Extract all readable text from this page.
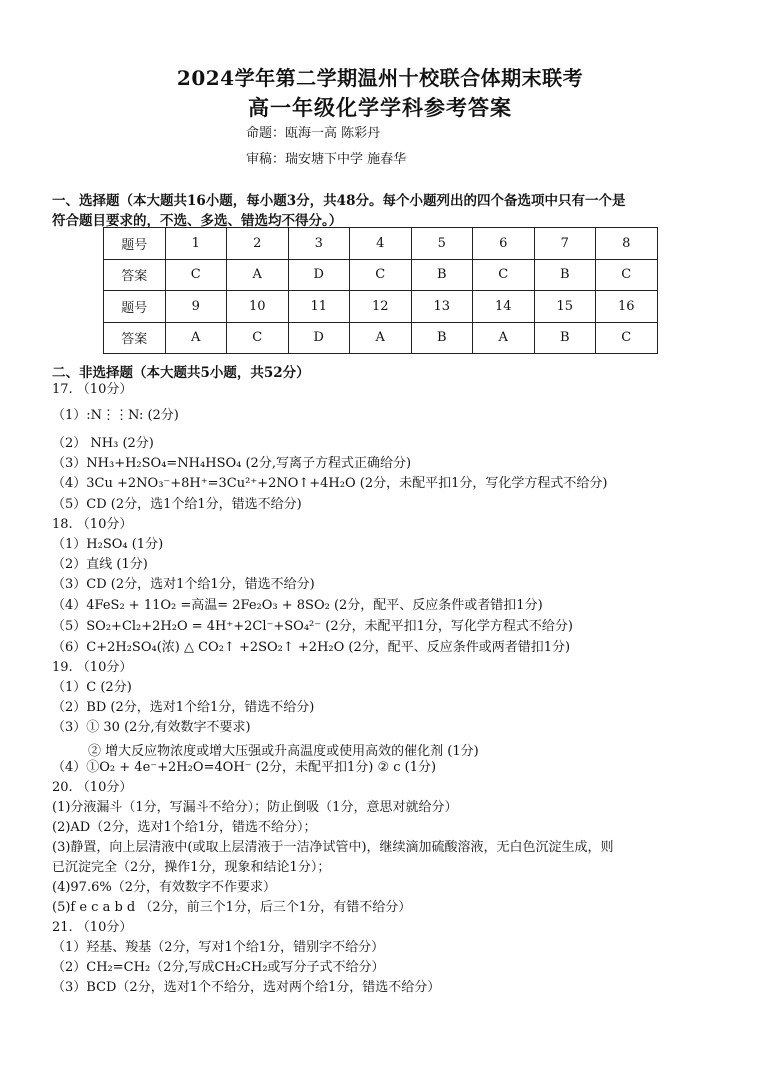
2024学年第二学期温州十校联合体期末联考
高一年级化学学科参考答案
命题：瓯海一高 陈彩丹
审稿：瑞安塘下中学 施春华
一、选择题（本大题共16小题，每小题3分，共48分。每个小题列出的四个备选项中只有一个是
符合题目要求的，不选、多选、错选均不得分。）
题号	1	2	3	4	5	6	7	8
答案	C	A	D	C	B	C	B	C
题号	9	10	11	12	13	14	15	16
答案	A	C	D	A	B	A	B	C
二、非选择题（本大题共5小题，共52分）
17. （10分）
（1）:N⋮⋮N: (2分)
（2） NH₃ (2分)
（3）NH₃+H₂SO₄=NH₄HSO₄ (2分,写离子方程式正确给分)
（4）3Cu +2NO₃⁻+8H⁺=3Cu²⁺+2NO↑+4H₂O (2分，未配平扣1分，写化学方程式不给分)
（5）CD (2分，选1个给1分，错选不给分)
18. （10分）
（1）H₂SO₄ (1分)
（2）直线 (1分)
（3）CD (2分，选对1个给1分，错选不给分)
（4）4FeS₂ + 11O₂ =高温= 2Fe₂O₃ + 8SO₂ (2分，配平、反应条件或者错扣1分)
（5）SO₂+Cl₂+2H₂O = 4H⁺+2Cl⁻+SO₄²⁻ (2分，未配平扣1分，写化学方程式不给分)
（6）C+2H₂SO₄(浓) △ CO₂↑ +2SO₂↑ +2H₂O (2分，配平、反应条件或两者错扣1分)
19. （10分）
（1）C (2分)
（2）BD (2分，选对1个给1分，错选不给分)
（3）① 30 (2分,有效数字不要求)
② 增大反应物浓度或增大压强或升高温度或使用高效的催化剂 (1分)
（4）①O₂ + 4e⁻+2H₂O=4OH⁻ (2分，未配平扣1分) ② c (1分)
20. （10分）
(1)分液漏斗（1分，写漏斗不给分）；防止倒吸（1分，意思对就给分）
(2)AD（2分，选对1个给1分，错选不给分）；
(3)静置，向上层清液中(或取上层清液于一洁净试管中)，继续滴加硫酸溶液，无白色沉淀生成，则
已沉淀完全（2分，操作1分，现象和结论1分）；
(4)97.6%（2分，有效数字不作要求）
(5)f e c a b d （2分，前三个1分，后三个1分，有错不给分）
21. （10分）
（1）羟基、羧基（2分，写对1个给1分，错别字不给分）
（2）CH₂=CH₂（2分,写成CH₂CH₂或写分子式不给分）
（3）BCD（2分，选对1个不给分，选对两个给1分，错选不给分）
